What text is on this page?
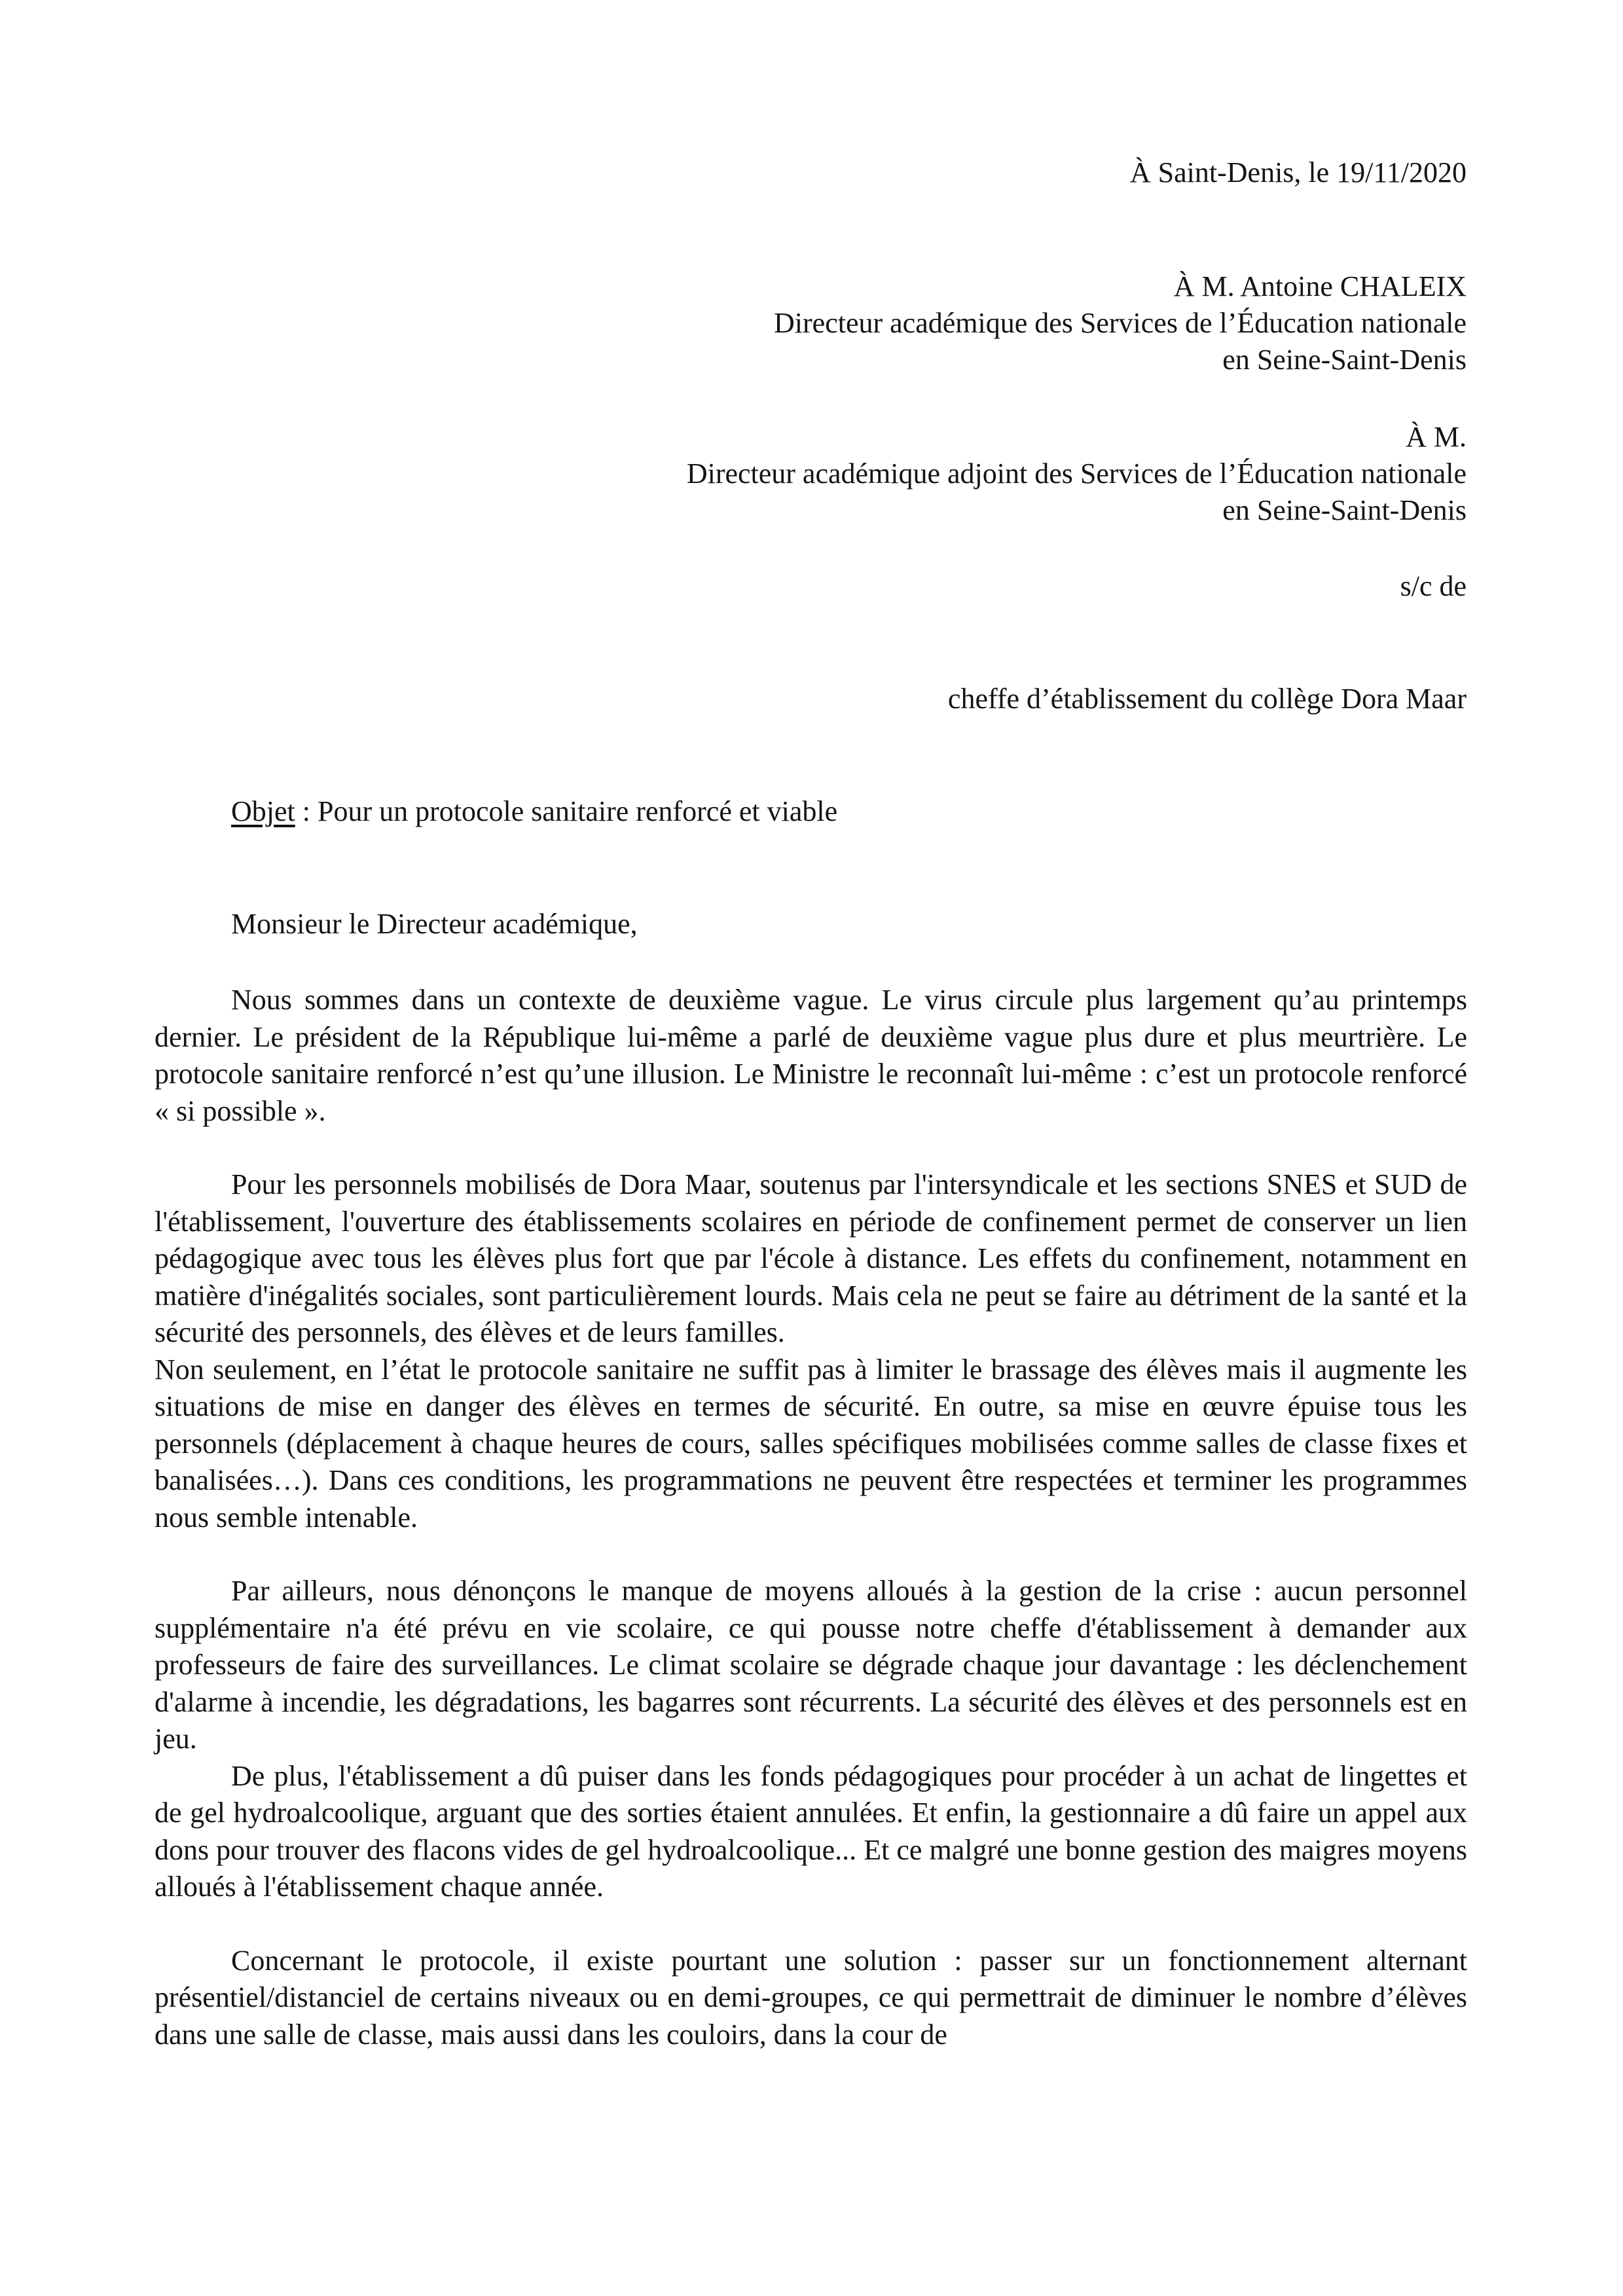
À Saint-Denis, le 19/11/2020
À M. Antoine CHALEIX
Directeur académique des Services de l’Éducation nationale
en Seine-Saint-Denis
À M.
Directeur académique adjoint des Services de l’Éducation nationale
en Seine-Saint-Denis
s/c de
cheffe d’établissement du collège Dora Maar
Objet : Pour un protocole sanitaire renforcé et viable
Monsieur le Directeur académique,

Nous sommes dans un contexte de deuxième vague. Le virus circule plus largement qu’au printemps dernier. Le président de la République lui-même a parlé de deuxième vague plus dure et plus meurtrière. Le protocole sanitaire renforcé n’est qu’une illusion. Le Ministre le reconnaît lui-même : c’est un protocole renforcé « si possible ».

Pour les personnels mobilisés de Dora Maar, soutenus par l'intersyndicale et les sections SNES et SUD de l'établissement, l'ouverture des établissements scolaires en période de confinement permet de conserver un lien pédagogique avec tous les élèves plus fort que par l'école à distance. Les effets du confinement, notamment en matière d'inégalités sociales, sont particulièrement lourds. Mais cela ne peut se faire au détriment de la santé et la sécurité des personnels, des élèves et de leurs familles.

Non seulement, en l’état le protocole sanitaire ne suffit pas à limiter le brassage des élèves mais il augmente les situations de mise en danger des élèves en termes de sécurité. En outre, sa mise en œuvre épuise tous les personnels (déplacement à chaque heures de cours, salles spécifiques mobilisées comme salles de classe fixes et banalisées…). Dans ces conditions, les programmations ne peuvent être respectées et terminer les programmes nous semble intenable.

Par ailleurs, nous dénonçons le manque de moyens alloués à la gestion de la crise : aucun personnel supplémentaire n'a été prévu en vie scolaire, ce qui pousse notre cheffe d'établissement à demander aux professeurs de faire des surveillances. Le climat scolaire se dégrade chaque jour davantage : les déclenchement d'alarme à incendie, les dégradations, les bagarres sont récurrents. La sécurité des élèves et des personnels est en jeu.

De plus, l'établissement a dû puiser dans les fonds pédagogiques pour procéder à un achat de lingettes et de gel hydroalcoolique, arguant que des sorties étaient annulées. Et enfin, la gestionnaire a dû faire un appel aux dons pour trouver des flacons vides de gel hydroalcoolique... Et ce malgré une bonne gestion des maigres moyens alloués à l'établissement chaque année.

Concernant le protocole, il existe pourtant une solution : passer sur un fonctionnement alternant présentiel/distanciel de certains niveaux ou en demi-groupes, ce qui permettrait de diminuer le nombre d’élèves dans une salle de classe, mais aussi dans les couloirs, dans la cour de
